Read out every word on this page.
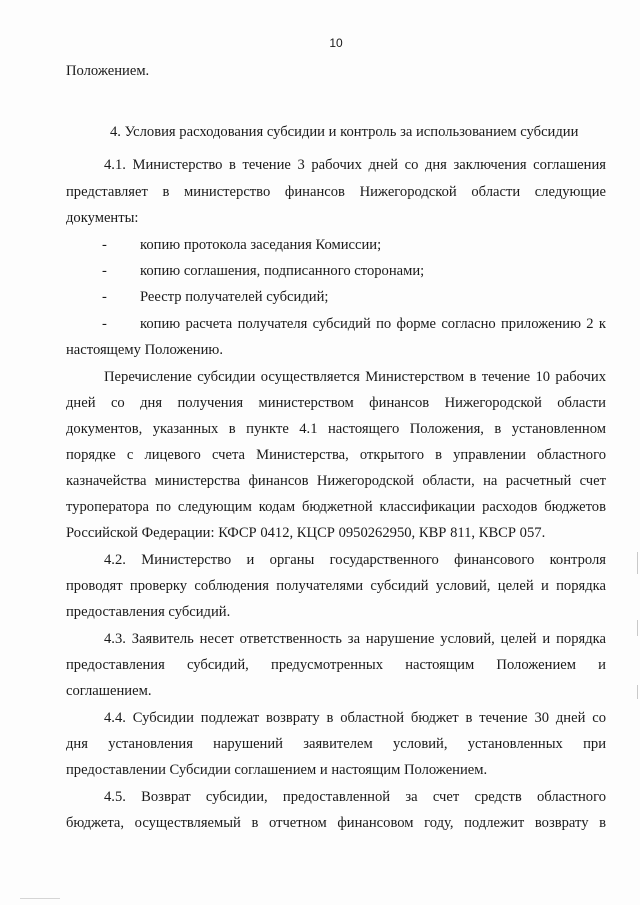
10
Положением.
4. Условия расходования субсидии и контроль за использованием субсидии
4.1. Министерство в течение 3 рабочих дней со дня заключения соглашения
представляет в министерство финансов Нижегородской области следующие
документы:
- копию протокола заседания Комиссии;
- копию соглашения, подписанного сторонами;
- Реестр получателей субсидий;
- копию расчета получателя субсидий по форме согласно приложению 2 к
настоящему Положению.
Перечисление субсидии осуществляется Министерством в течение 10 рабочих
дней со дня получения министерством финансов Нижегородской области
документов, указанных в пункте 4.1 настоящего Положения, в установленном
порядке с лицевого счета Министерства, открытого в управлении областного
казначейства министерства финансов Нижегородской области, на расчетный счет
туроператора по следующим кодам бюджетной классификации расходов бюджетов
Российской Федерации: КФСР 0412, КЦСР 0950262950, КВР 811, КВСР 057.
4.2. Министерство и органы государственного финансового контроля
проводят проверку соблюдения получателями субсидий условий, целей и порядка
предоставления субсидий.
4.3. Заявитель несет ответственность за нарушение условий, целей и порядка
предоставления субсидий, предусмотренных настоящим Положением и
соглашением.
4.4. Субсидии подлежат возврату в областной бюджет в течение 30 дней со
дня установления нарушений заявителем условий, установленных при
предоставлении Субсидии соглашением и настоящим Положением.
4.5. Возврат субсидии, предоставленной за счет средств областного
бюджета, осуществляемый в отчетном финансовом году, подлежит возврату в
